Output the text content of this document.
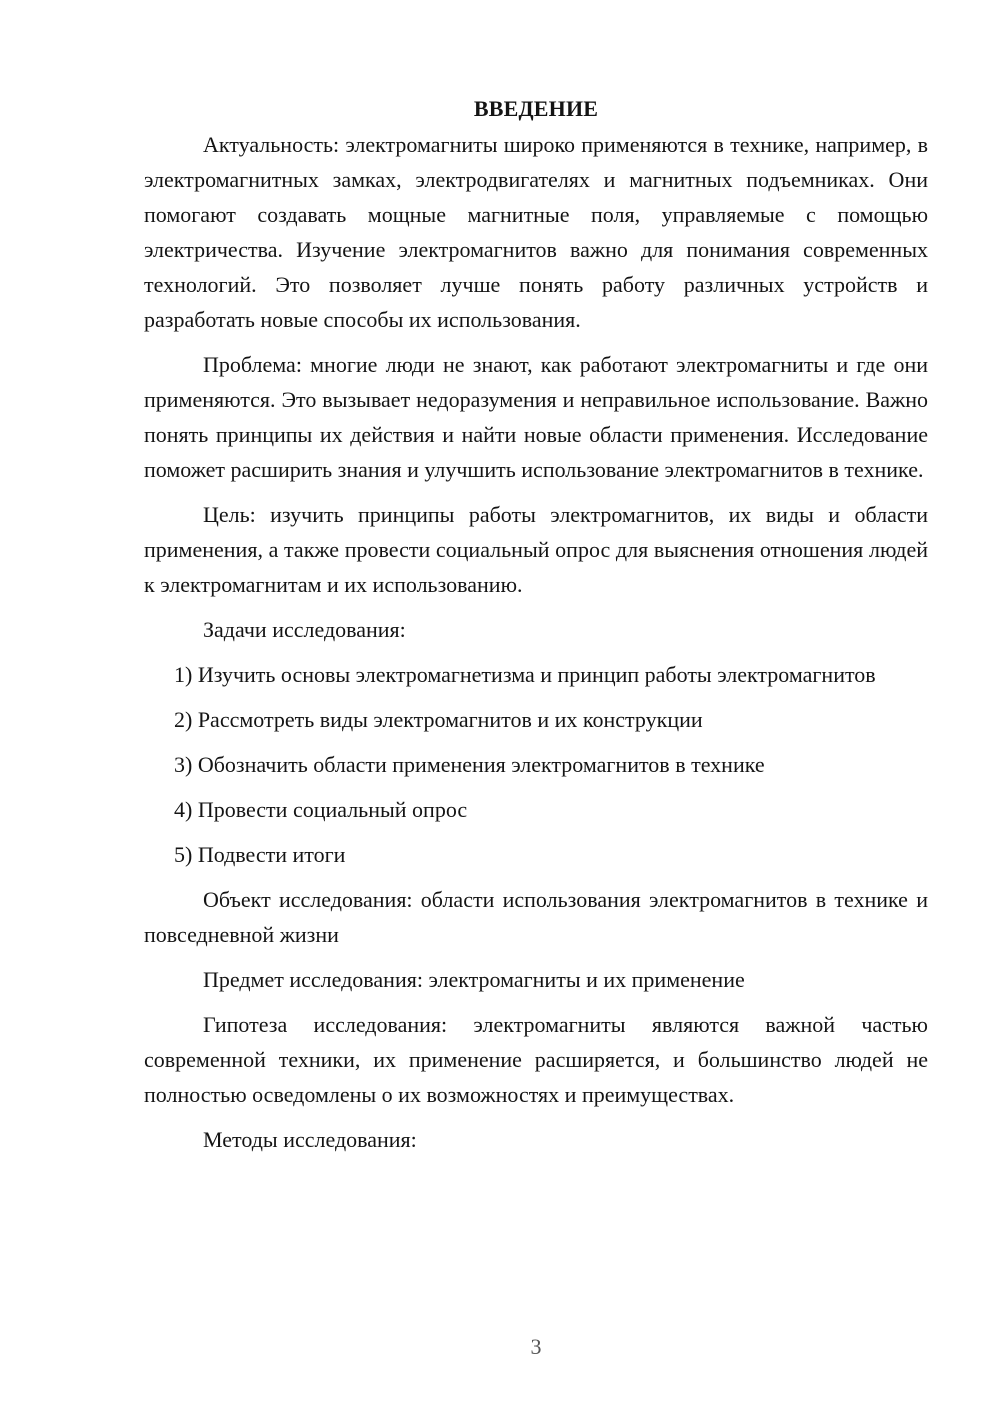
ВВЕДЕНИЕ

Актуальность: электромагниты широко применяются в технике, например, в электромагнитных замках, электродвигателях и магнитных подъемниках. Они помогают создавать мощные магнитные поля, управляемые с помощью электричества. Изучение электромагнитов важно для понимания современных технологий. Это позволяет лучше понять работу различных устройств и разработать новые способы их использования.

Проблема: многие люди не знают, как работают электромагниты и где они применяются. Это вызывает недоразумения и неправильное использование. Важно понять принципы их действия и найти новые области применения. Исследование поможет расширить знания и улучшить использование электромагнитов в технике.

Цель: изучить принципы работы электромагнитов, их виды и области применения, а также провести социальный опрос для выяснения отношения людей к электромагнитам и их использованию.

Задачи исследования:

1) Изучить основы электромагнетизма и принцип работы электромагнитов

2) Рассмотреть виды электромагнитов и их конструкции

3) Обозначить области применения электромагнитов в технике

4) Провести социальный опрос

5) Подвести итоги

Объект исследования: области использования электромагнитов в технике и повседневной жизни

Предмет исследования: электромагниты и их применение

Гипотеза исследования: электромагниты являются важной частью современной техники, их применение расширяется, и большинство людей не полностью осведомлены о их возможностях и преимуществах.

Методы исследования:

3
